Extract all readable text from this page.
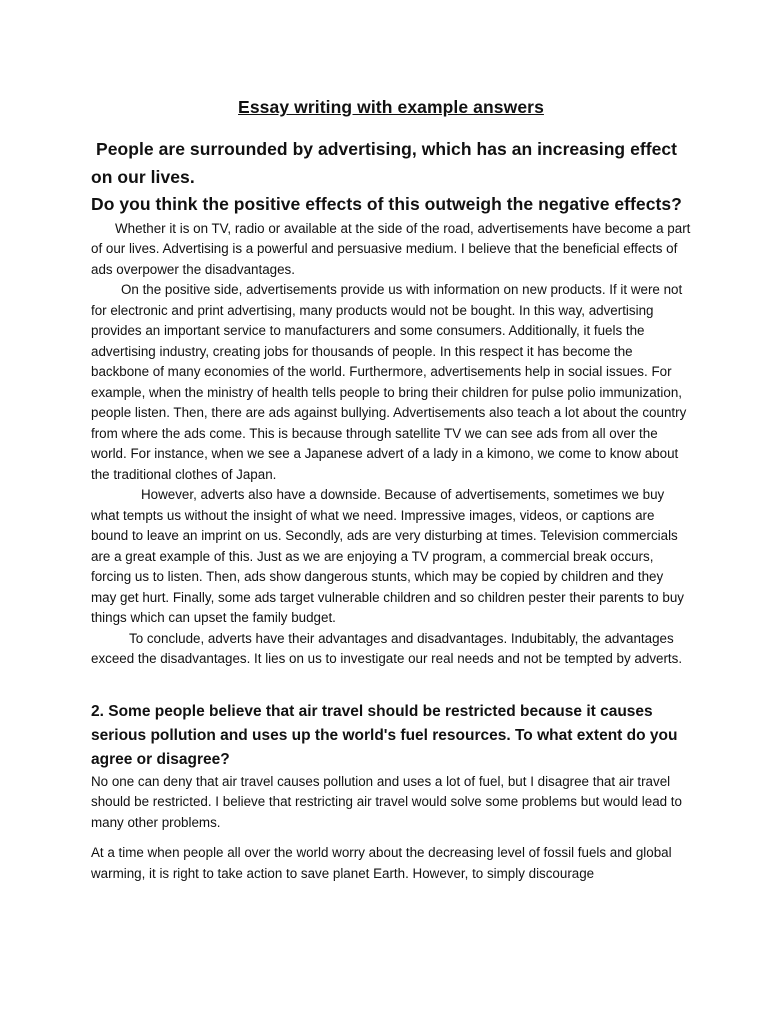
Essay writing with example answers

People are surrounded by advertising, which has an increasing effect on our lives.

Do you think the positive effects of this outweigh the negative effects?

Whether it is on TV, radio or available at the side of the road, advertisements have become a part of our lives. Advertising is a powerful and persuasive medium. I believe that the beneficial effects of ads overpower the disadvantages.

On the positive side, advertisements provide us with information on new products. If it were not for electronic and print advertising, many products would not be bought. In this way, advertising provides an important service to manufacturers and some consumers. Additionally, it fuels the advertising industry, creating jobs for thousands of people. In this respect it has become the backbone of many economies of the world. Furthermore, advertisements help in social issues. For example, when the ministry of health tells people to bring their children for pulse polio immunization, people listen. Then, there are ads against bullying. Advertisements also teach a lot about the country from where the ads come. This is because through satellite TV we can see ads from all over the world. For instance, when we see a Japanese advert of a lady in a kimono, we come to know about the traditional clothes of Japan.

However, adverts also have a downside. Because of advertisements, sometimes we buy what tempts us without the insight of what we need. Impressive images, videos, or captions are bound to leave an imprint on us. Secondly, ads are very disturbing at times. Television commercials are a great example of this. Just as we are enjoying a TV program, a commercial break occurs, forcing us to listen. Then, ads show dangerous stunts, which may be copied by children and they may get hurt. Finally, some ads target vulnerable children and so children pester their parents to buy things which can upset the family budget.

To conclude, adverts have their advantages and disadvantages. Indubitably, the advantages exceed the disadvantages. It lies on us to investigate our real needs and not be tempted by adverts.

2. Some people believe that air travel should be restricted because it causes serious pollution and uses up the world's fuel resources. To what extent do you agree or disagree?

No one can deny that air travel causes pollution and uses a lot of fuel, but I disagree that air travel should be restricted. I believe that restricting air travel would solve some problems but would lead to many other problems.

At a time when people all over the world worry about the decreasing level of fossil fuels and global warming, it is right to take action to save planet Earth. However, to simply discourage
